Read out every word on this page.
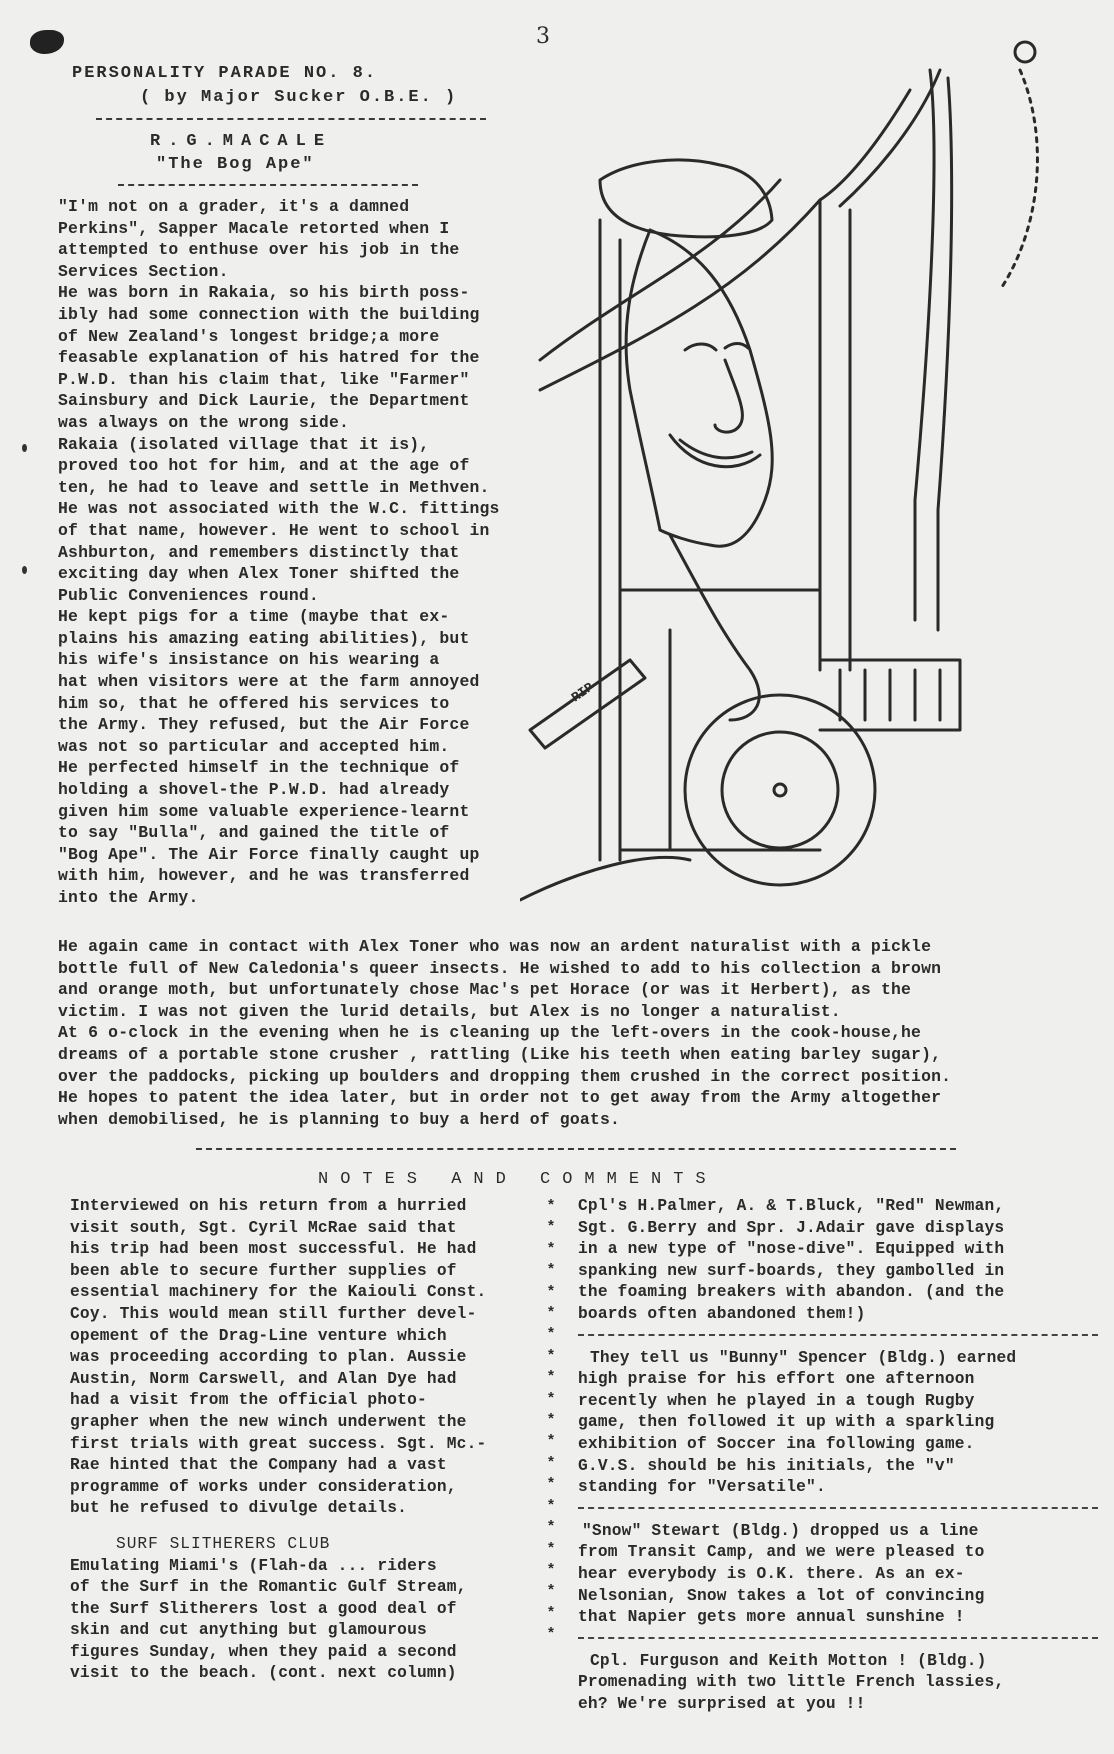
3
PERSONALITY PARADE NO. 8.
( by Major Sucker O.B.E. )
R.G.MACALE
"The Bog Ape"

"I'm not on a grader, it's a damned

Perkins", Sapper Macale retorted when I

attempted to enthuse over his job in the

Services Section.

He was born in Rakaia, so his birth poss-

ibly had some connection with the building

of New Zealand's longest bridge;a more

feasable explanation of his hatred for the

P.W.D. than his claim that, like "Farmer"

Sainsbury and Dick Laurie, the Department

was always on the wrong side.

Rakaia (isolated village that it is),

proved too hot for him, and at the age of

ten, he had to leave and settle in Methven.

He was not associated with the W.C. fittings

of that name, however. He went to school in

Ashburton, and remembers distinctly that

exciting day when Alex Toner shifted the

Public Conveniences round.

He kept pigs for a time (maybe that ex-

plains his amazing eating abilities), but

his wife's insistance on his wearing a

hat when visitors were at the farm annoyed

him so, that he offered his services to

the Army. They refused, but the Air Force

was not so particular and accepted him.

He perfected himself in the technique of

holding a shovel-the P.W.D. had already

given him some valuable experience-learnt

to say "Bulla", and gained the title of

"Bog Ape". The Air Force finally caught up

with him, however, and he was transferred

into the Army.

RIP

He again came in contact with Alex Toner who was now an ardent naturalist with a pickle

bottle full of New Caledonia's queer insects. He wished to add to his collection a brown

and orange moth, but unfortunately chose Mac's pet Horace (or was it Herbert), as the

victim. I was not given the lurid details, but Alex is no longer a naturalist.

At 6 o-clock in the evening when he is cleaning up the left-overs in the cook-house,he

dreams of a portable stone crusher , rattling (Like his teeth when eating barley sugar),

over the paddocks, picking up boulders and dropping them crushed in the correct position.

He hopes to patent the idea later, but in order not to get away from the Army altogether

when demobilised, he is planning to buy a herd of goats.

NOTES AND COMMENTS

Interviewed on his return from a hurried

visit south, Sgt. Cyril McRae said that

his trip had been most successful. He had

been able to secure further supplies of

essential machinery for the Kaiouli Const.

Coy. This would mean still further devel-

opement of the Drag-Line venture which

was proceeding according to plan. Aussie

Austin, Norm Carswell, and Alan Dye had

had a visit from the official photo-

grapher when the new winch underwent the

first trials with great success. Sgt. Mc.-

Rae hinted that the Company had a vast

programme of works under consideration,

but he refused to divulge details.

SURF SLITHERERS CLUB

Emulating Miami's (Flah-da ... riders

of the Surf in the Romantic Gulf Stream,

the Surf Slitherers lost a good deal of

skin and cut anything but glamourous

figures Sunday, when they paid a second

visit to the beach. (cont. next column)

*
*
*
*
*
*
*
*
*
*
*
*
*
*
*
*
*
*
*
*
*

Cpl's H.Palmer, A. & T.Bluck, "Red" Newman,

Sgt. G.Berry and Spr. J.Adair gave displays

in a new type of "nose-dive". Equipped with

spanking new surf-boards, they gambolled in

the foaming breakers with abandon. (and the

boards often abandoned them!)

They tell us "Bunny" Spencer (Bldg.) earned

high praise for his effort one afternoon

recently when he played in a tough Rugby

game, then followed it up with a sparkling

exhibition of Soccer ina following game.

G.V.S. should be his initials, the "v"

standing for "Versatile".

"Snow" Stewart (Bldg.) dropped us a line

from Transit Camp, and we were pleased to

hear everybody is O.K. there. As an ex-

Nelsonian, Snow takes a lot of convincing

that Napier gets more annual sunshine !

Cpl. Furguson and Keith Motton ! (Bldg.)

Promenading with two little French lassies,

eh? We're surprised at you !!
